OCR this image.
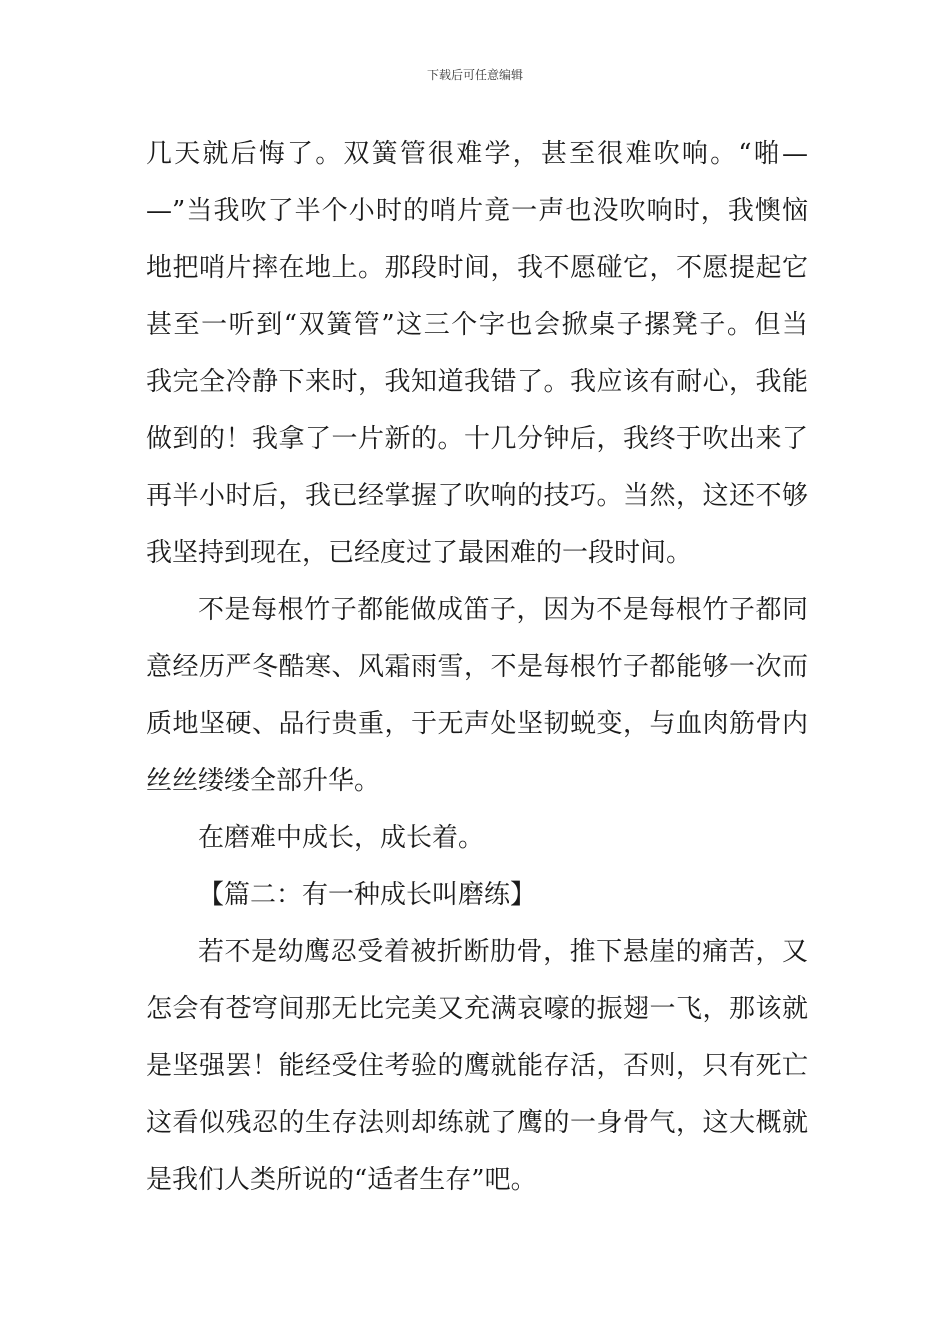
下载后可任意编辑
几天就后悔了。双簧管很难学，甚至很难吹响。“啪—
—”当我吹了半个小时的哨片竟一声也没吹响时，我懊恼
地把哨片摔在地上。那段时间，我不愿碰它，不愿提起它
甚至一听到“双簧管”这三个字也会掀桌子摞凳子。但当
我完全冷静下来时，我知道我错了。我应该有耐心，我能
做到的！我拿了一片新的。十几分钟后，我终于吹出来了
再半小时后，我已经掌握了吹响的技巧。当然，这还不够
我坚持到现在，已经度过了最困难的一段时间。
不是每根竹子都能做成笛子，因为不是每根竹子都同
意经历严冬酷寒、风霜雨雪，不是每根竹子都能够一次而
质地坚硬、品行贵重，于无声处坚韧蜕变，与血肉筋骨内
丝丝缕缕全部升华。
在磨难中成长，成长着。
【篇二：有一种成长叫磨练】
若不是幼鹰忍受着被折断肋骨，推下悬崖的痛苦，又
怎会有苍穹间那无比完美又充满哀嚎的振翅一飞，那该就
是坚强罢！能经受住考验的鹰就能存活，否则，只有死亡
这看似残忍的生存法则却练就了鹰的一身骨气，这大概就
是我们人类所说的“适者生存”吧。
